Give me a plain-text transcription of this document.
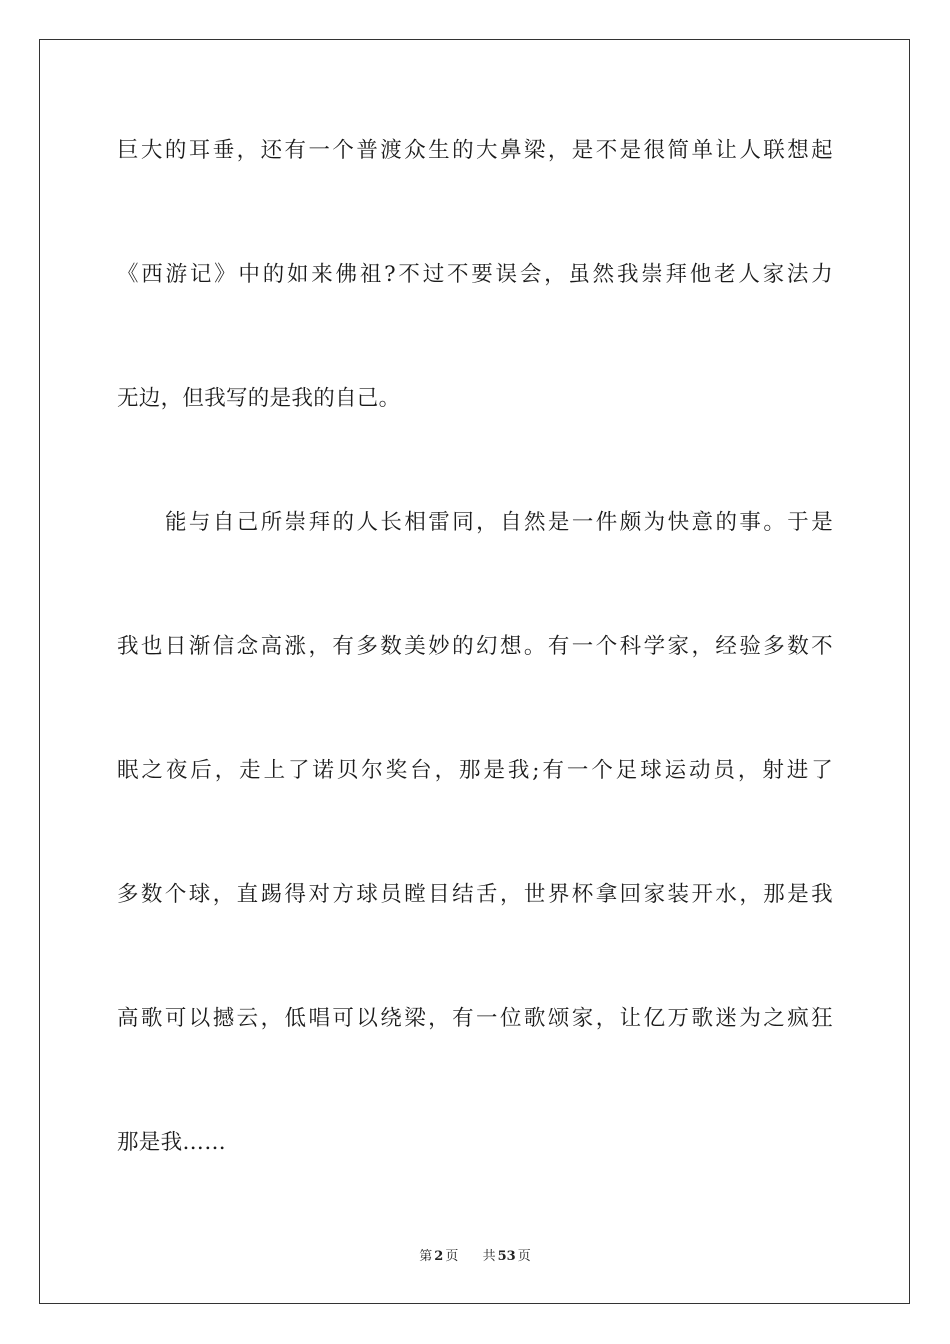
巨大的耳垂，还有一个普渡众生的大鼻梁，是不是很简单让人联想起
《西游记》中的如来佛祖?不过不要误会，虽然我崇拜他老人家法力
无边，但我写的是我的自己。
能与自己所崇拜的人长相雷同，自然是一件颇为快意的事。于是
我也日渐信念高涨，有多数美妙的幻想。有一个科学家，经验多数不
眠之夜后，走上了诺贝尔奖台，那是我;有一个足球运动员，射进了
多数个球，直踢得对方球员瞠目结舌，世界杯拿回家装开水，那是我
高歌可以撼云，低唱可以绕梁，有一位歌颂家，让亿万歌迷为之疯狂
那是我……
第 2 页 共 53 页
